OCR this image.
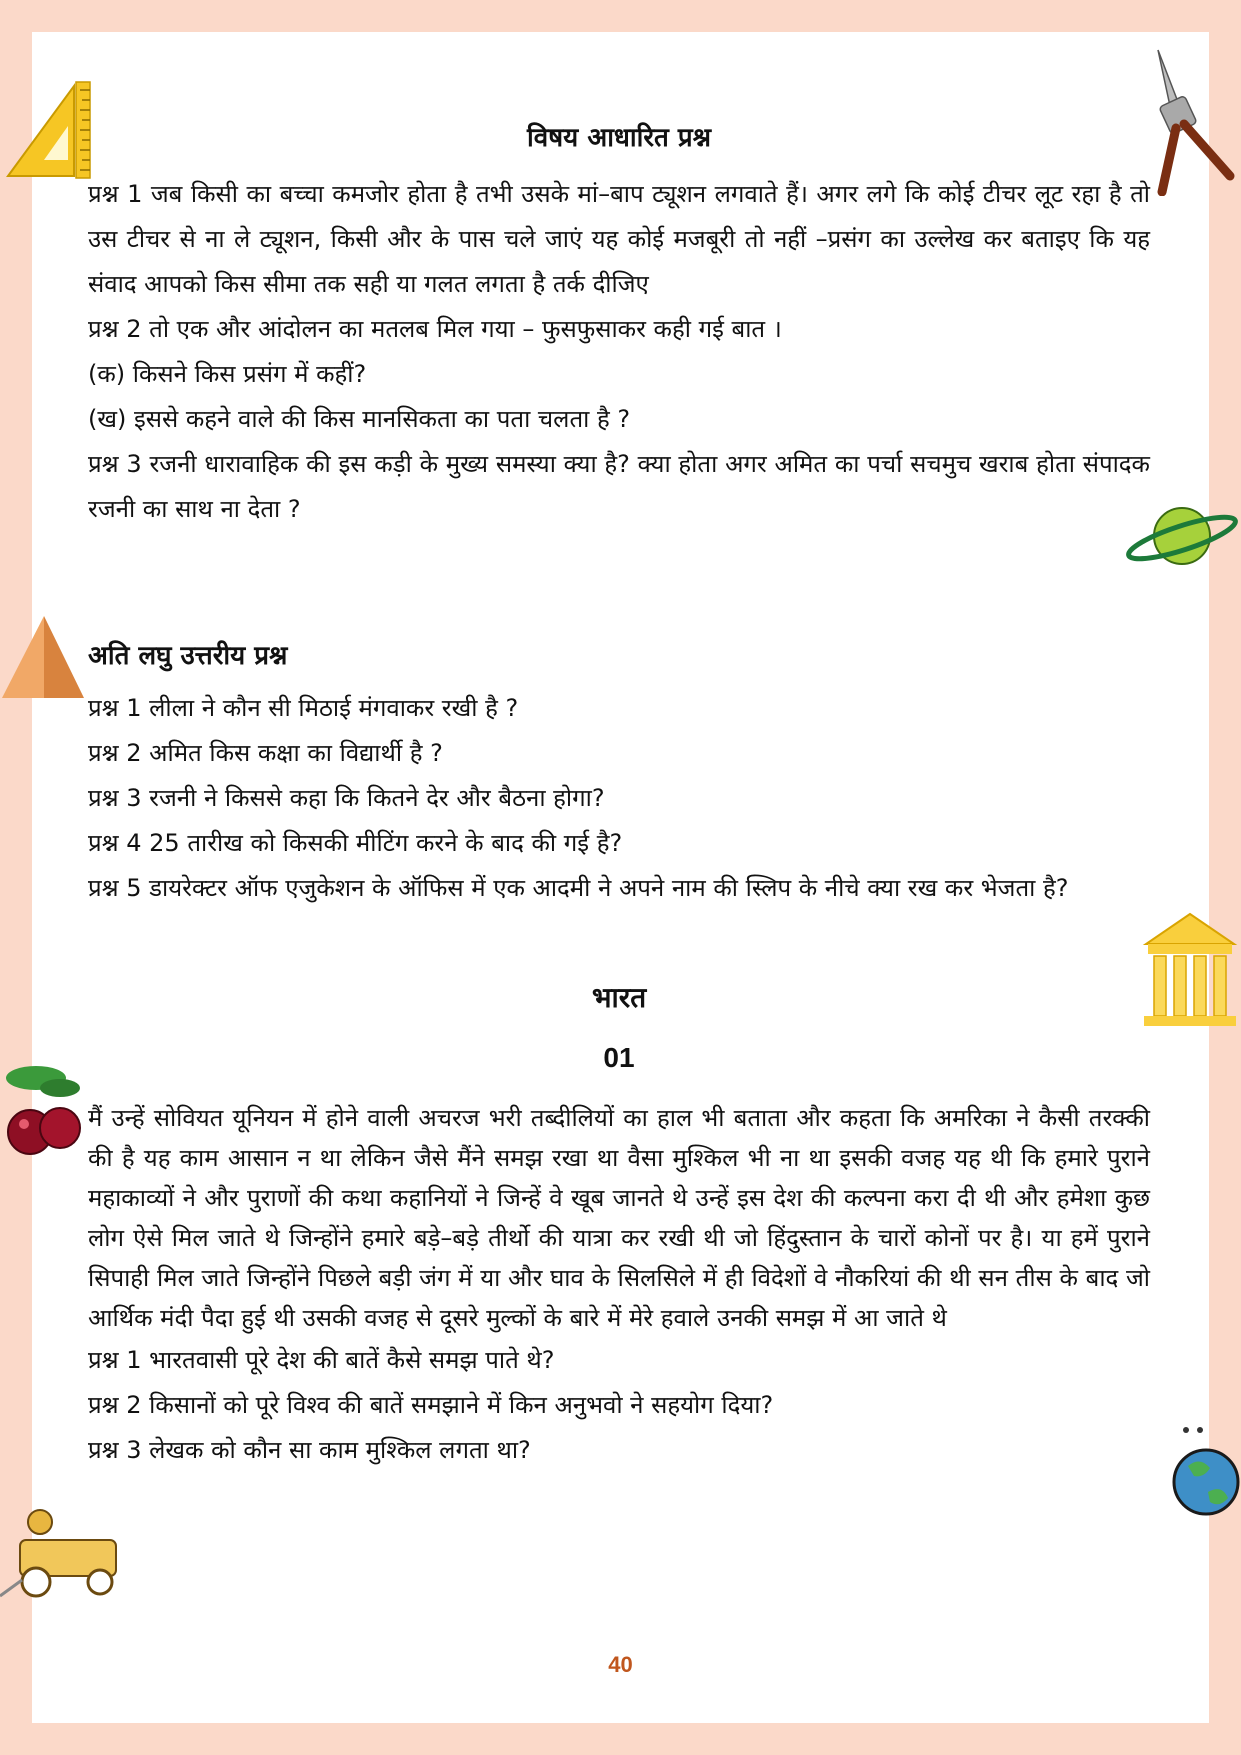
विषय आधारित प्रश्न

प्रश्न 1 जब किसी का बच्चा कमजोर होता है तभी उसके मां–बाप ट्यूशन लगवाते हैं। अगर लगे कि कोई टीचर लूट रहा है तो उस टीचर से ना ले ट्यूशन, किसी और के पास चले जाएं यह कोई मजबूरी तो नहीं –प्रसंग का उल्लेख कर बताइए कि यह संवाद आपको किस सीमा तक सही या गलत लगता है तर्क दीजिए

प्रश्न 2 तो एक और आंदोलन का मतलब मिल गया – फुसफुसाकर कही गई बात ।

(क) किसने किस प्रसंग में कहीं?

(ख) इससे कहने वाले की किस मानसिकता का पता चलता है ?

प्रश्न 3 रजनी धारावाहिक की इस कड़ी के मुख्य समस्या क्या है? क्या होता अगर अमित का पर्चा सचमुच खराब होता संपादक रजनी का साथ ना देता ?

अति लघु उत्तरीय प्रश्न

प्रश्न 1 लीला ने कौन सी मिठाई मंगवाकर रखी है ?

प्रश्न 2 अमित किस कक्षा का विद्यार्थी है ?

प्रश्न 3 रजनी ने किससे कहा कि कितने देर और बैठना होगा?

प्रश्न 4 25 तारीख को किसकी मीटिंग करने के बाद की गई है?

प्रश्न 5 डायरेक्टर ऑफ एजुकेशन के ऑफिस में एक आदमी ने अपने नाम की स्लिप के नीचे क्या रख कर भेजता है?

भारत
01

मैं उन्हें सोवियत यूनियन में होने वाली अचरज भरी तब्दीलियों का हाल भी बताता और कहता कि अमरिका ने कैसी तरक्की की है यह काम आसान न था लेकिन जैसे मैंने समझ रखा था वैसा मुश्किल भी ना था इसकी वजह यह थी कि हमारे पुराने महाकाव्यों ने और पुराणों की कथा कहानियों ने जिन्हें वे खूब जानते थे उन्हें इस देश की कल्पना करा दी थी और हमेशा कुछ लोग ऐसे मिल जाते थे जिन्होंने हमारे बड़े–बड़े तीर्थो की यात्रा कर रखी थी जो हिंदुस्तान के चारों कोनों पर है। या हमें पुराने सिपाही मिल जाते जिन्होंने पिछले बड़ी जंग में या और घाव के सिलसिले में ही विदेशों वे नौकरियां की थी सन तीस के बाद जो आर्थिक मंदी पैदा हुई थी उसकी वजह से दूसरे मुल्कों के बारे में मेरे हवाले उनकी समझ में आ जाते थे

प्रश्न 1 भारतवासी पूरे देश की बातें कैसे समझ पाते थे?

प्रश्न 2 किसानों को पूरे विश्व की बातें समझाने में किन अनुभवो ने सहयोग दिया?

प्रश्न 3 लेखक को कौन सा काम मुश्किल लगता था?

40
